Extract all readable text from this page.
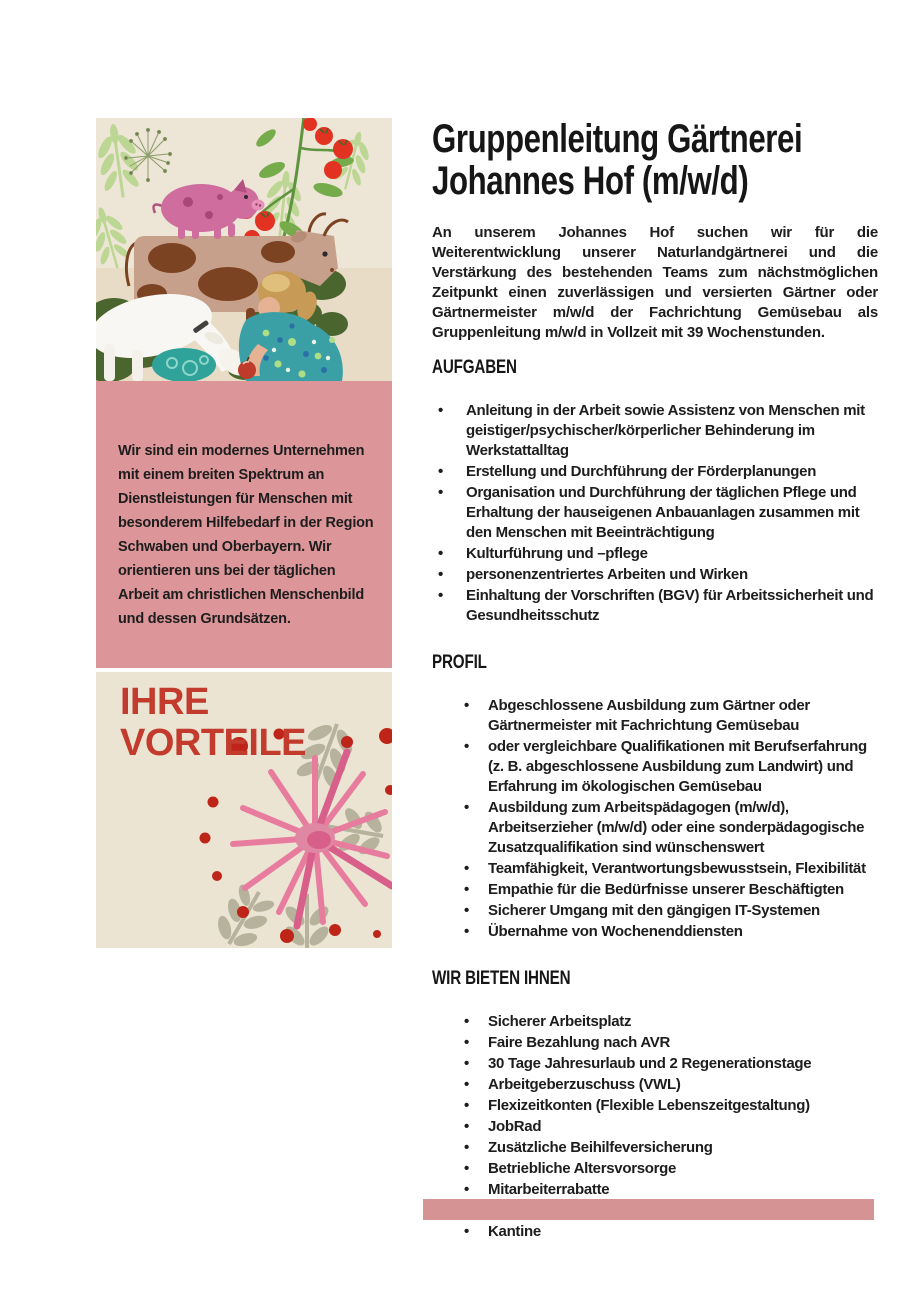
Wir sind ein modernes Unternehmen mit einem breiten Spektrum an Dienstleistungen für Menschen mit besonderem Hilfebedarf in der Region Schwaben und Oberbayern. Wir orientieren uns bei der täglichen Arbeit am christlichen Menschenbild und dessen Grundsätzen.

IHRE
VORTEILE
Gruppenleitung Gärtnerei
Johannes Hof (m/w/d)

An unserem Johannes Hof suchen wir für die Weiterentwicklung unserer Naturlandgärtnerei und die Verstärkung des bestehenden Teams zum nächstmöglichen Zeitpunkt einen zuverlässigen und versierten Gärtner oder Gärtnermeister m/w/d der Fachrichtung Gemüsebau als Gruppenleitung m/w/d in Vollzeit mit 39 Wochenstunden.

AUFGABEN
• Anleitung in der Arbeit sowie Assistenz von Menschen mit geistiger/psychischer/körperlicher Behinderung im Werkstattalltag
• Erstellung und Durchführung der Förderplanungen
• Organisation und Durchführung der täglichen Pflege und Erhaltung der hauseigenen Anbauanlagen zusammen mit den Menschen mit Beeinträchtigung
• Kulturführung und –pflege
• personenzentriertes Arbeiten und Wirken
• Einhaltung der Vorschriften (BGV) für Arbeitssicherheit und Gesundheitsschutz
PROFIL
• Abgeschlossene Ausbildung zum Gärtner oder Gärtnermeister mit Fachrichtung Gemüsebau
• oder vergleichbare Qualifikationen mit Berufserfahrung (z. B. abgeschlossene Ausbildung zum Landwirt) und Erfahrung im ökologischen Gemüsebau
• Ausbildung zum Arbeitspädagogen (m/w/d), Arbeitserzieher (m/w/d) oder eine sonderpädagogische Zusatzqualifikation sind wünschenswert
• Teamfähigkeit, Verantwortungsbewusstsein, Flexibilität
• Empathie für die Bedürfnisse unserer Beschäftigten
• Sicherer Umgang mit den gängigen IT-Systemen
• Übernahme von Wochenenddiensten
WIR BIETEN IHNEN
• Sicherer Arbeitsplatz
• Faire Bezahlung nach AVR
• 30 Tage Jahresurlaub und 2 Regenerationstage
• Arbeitgeberzuschuss (VWL)
• Flexizeitkonten (Flexible Lebenszeitgestaltung)
• JobRad
• Zusätzliche Beihilfeversicherung
• Betriebliche Altersvorsorge
• Mitarbeiterrabatte
•
• Kantine
